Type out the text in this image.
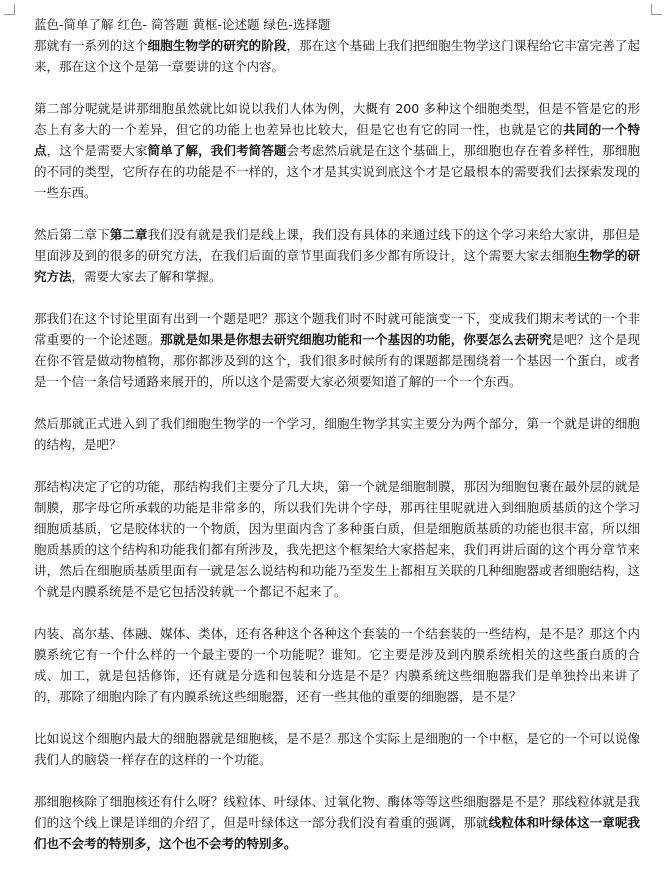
蓝色-简单了解 红色- 简答题 黄框-论述题 绿色-选择题

那就有一系列的这个细胞生物学的研究的阶段，那在这个基础上我们把细胞生物学这门课程给它丰富完善了起来，那在这个这个是第一章要讲的这个内容。

第二部分呢就是讲那细胞虽然就比如说以我们人体为例，大概有 200 多种这个细胞类型，但是不管是它的形态上有多大的一个差异，但它的功能上也差异也比较大，但是它也有它的同一性，也就是它的共同的一个特点，这个是需要大家简单了解，我们考简答题会考虑然后就是在这个基础上，那细胞也存在着多样性，那细胞的不同的类型，它所存在的功能是不一样的，这个才是其实说到底这个才是它最根本的需要我们去探索发现的一些东西。

然后第二章下第二章我们没有就是我们是线上课，我们没有具体的来通过线下的这个学习来给大家讲，那但是里面涉及到的很多的研究方法，在我们后面的章节里面我们多少都有所设计，这个需要大家去细胞生物学的研究方法，需要大家去了解和掌握。

那我们在这个讨论里面有出到一个题是吧？那这个题我们时不时就可能演变一下，变成我们期末考试的一个非常重要的一个论述题。那就是如果是你想去研究细胞功能和一个基因的功能，你要怎么去研究是吧？这个是现在你不管是做动物植物，那你都涉及到的这个，我们很多时候所有的课题都是围绕着一个基因一个蛋白，或者是一个信一条信号通路来展开的，所以这个是需要大家必须要知道了解的一个一个东西。

然后那就正式进入到了我们细胞生物学的一个学习，细胞生物学其实主要分为两个部分，第一个就是讲的细胞的结构，是吧？

那结构决定了它的功能，那结构我们主要分了几大块，第一个就是细胞制膜，那因为细胞包裹在最外层的就是制膜，那字母它所承载的功能是非常多的，所以我们先讲个字母，那再往里呢就进入到细胞质基质的这个学习细胞质基质，它是胶体状的一个物质，因为里面内含了多种蛋白质，但是细胞质基质的功能也很丰富，所以细胞质基质的这个结构和功能我们都有所涉及，我先把这个框架给大家搭起来，我们再讲后面的这个再分章节来讲，然后在细胞质基质里面有一就是怎么说结构和功能乃至发生上都相互关联的几种细胞器或者细胞结构，这个就是内膜系统是不是它包括没转就一个都记不起来了。

内装、高尔基、体融、媒体、类体，还有各种这个各种这个套装的一个结套装的一些结构，是不是？那这个内膜系统它有一个什么样的一个最主要的一个功能呢？谁知。它主要是涉及到内膜系统相关的这些蛋白质的合成、加工，就是包括修饰，还有就是分选和包装和分选是不是？内膜系统这些细胞器我们是单独拎出来讲了的，那除了细胞内除了有内膜系统这些细胞器，还有一些其他的重要的细胞器，是不是？

比如说这个细胞内最大的细胞器就是细胞核，是不是？那这个实际上是细胞的一个中枢，是它的一个可以说像我们人的脑袋一样存在的这样的一个功能。

那细胞核除了细胞核还有什么呀？线粒体、叶绿体、过氧化物、酶体等等这些细胞器是不是？那线粒体就是我们的这个线上课是详细的介绍了，但是叶绿体这一部分我们没有着重的强调，那就线粒体和叶绿体这一章呢我们也不会考的特别多，这个也不会考的特别多。
